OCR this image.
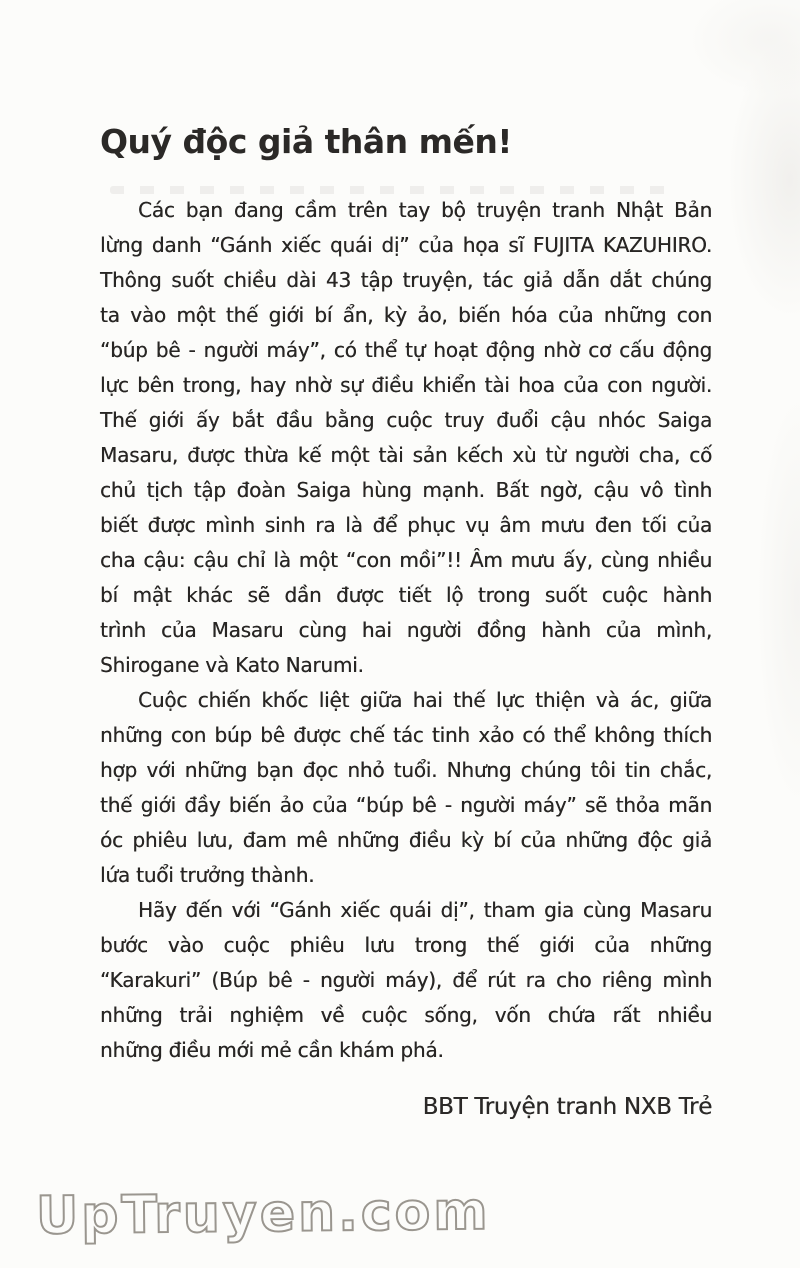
Quý độc giả thân mến!
Các bạn đang cầm trên tay bộ truyện tranh Nhật Bản
lừng danh “Gánh xiếc quái dị” của họa sĩ FUJITA KAZUHIRO.
Thông suốt chiều dài 43 tập truyện, tác giả dẫn dắt chúng
ta vào một thế giới bí ẩn, kỳ ảo, biến hóa của những con
“búp bê - người máy”, có thể tự hoạt động nhờ cơ cấu động
lực bên trong, hay nhờ sự điều khiển tài hoa của con người.
Thế giới ấy bắt đầu bằng cuộc truy đuổi cậu nhóc Saiga
Masaru, được thừa kế một tài sản kếch xù từ người cha, cố
chủ tịch tập đoàn Saiga hùng mạnh. Bất ngờ, cậu vô tình
biết được mình sinh ra là để phục vụ âm mưu đen tối của
cha cậu: cậu chỉ là một “con mồi”!! Âm mưu ấy, cùng nhiều
bí mật khác sẽ dần được tiết lộ trong suốt cuộc hành
trình của Masaru cùng hai người đồng hành của mình,
Shirogane và Kato Narumi.
Cuộc chiến khốc liệt giữa hai thế lực thiện và ác, giữa
những con búp bê được chế tác tinh xảo có thể không thích
hợp với những bạn đọc nhỏ tuổi. Nhưng chúng tôi tin chắc,
thế giới đầy biến ảo của “búp bê - người máy” sẽ thỏa mãn
óc phiêu lưu, đam mê những điều kỳ bí của những độc giả
lứa tuổi trưởng thành.
Hãy đến với “Gánh xiếc quái dị”, tham gia cùng Masaru
bước vào cuộc phiêu lưu trong thế giới của những
“Karakuri” (Búp bê - người máy), để rút ra cho riêng mình
những trải nghiệm về cuộc sống, vốn chứa rất nhiều
những điều mới mẻ cần khám phá.
BBT Truyện tranh NXB Trẻ
UpTruyen.com
